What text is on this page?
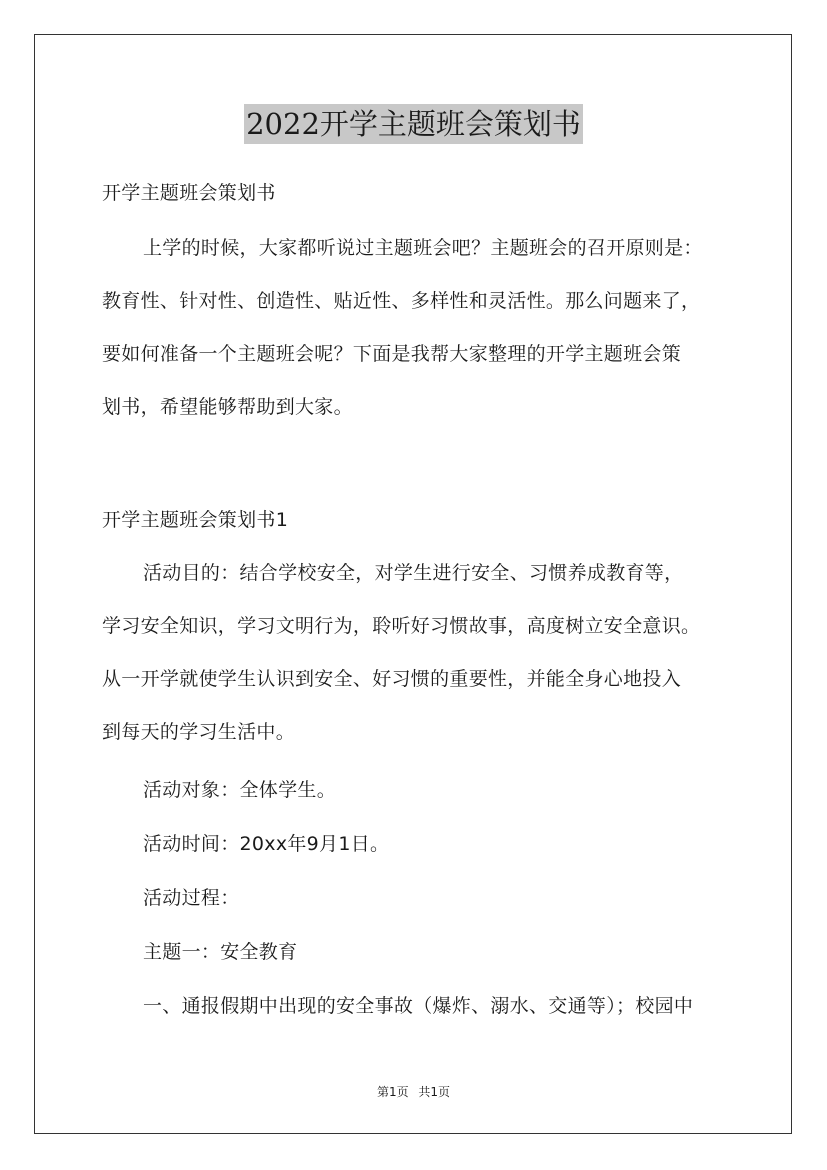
2022开学主题班会策划书
开学主题班会策划书
上学的时候，大家都听说过主题班会吧？主题班会的召开原则是：
教育性、针对性、创造性、贴近性、多样性和灵活性。那么问题来了，
要如何准备一个主题班会呢？下面是我帮大家整理的开学主题班会策
划书，希望能够帮助到大家。
开学主题班会策划书1
活动目的：结合学校安全，对学生进行安全、习惯养成教育等，
学习安全知识，学习文明行为，聆听好习惯故事，高度树立安全意识。
从一开学就使学生认识到安全、好习惯的重要性，并能全身心地投入
到每天的学习生活中。
活动对象：全体学生。
活动时间：20xx年9月1日。
活动过程：
主题一：安全教育
一、通报假期中出现的安全事故（爆炸、溺水、交通等）；校园中
第1页 共1页
